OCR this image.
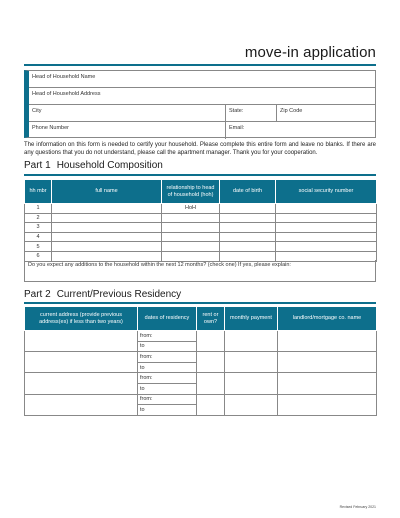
move-in application
Head of Household Name
Head of Household Address
City	State:	Zip Code
Phone Number	Email:
The information on this form is needed to certify your household. Please complete this entire form and leave no blanks. If there are any questions that you do not understand, please call the apartment manager. Thank you for your cooperation.
Part 1 Household Composition
hh mbr	full name	relationship to head of household (hoh)	date of birth	social security number
1		HoH		
2				
3				
4				
5				
6				
Do you expect any additions to the household within the next 12 months? (check one) If yes, please explain:
Part 2 Current/Previous Residency
current address (provide previous address(es) if less than two years)	dates of residency	rent or own?	monthly payment	landlord/mortgage co. name
	from:			
	to			
	from:			
	to			
	from:			
	to			
	from:			
	to			
Revised February 2021
